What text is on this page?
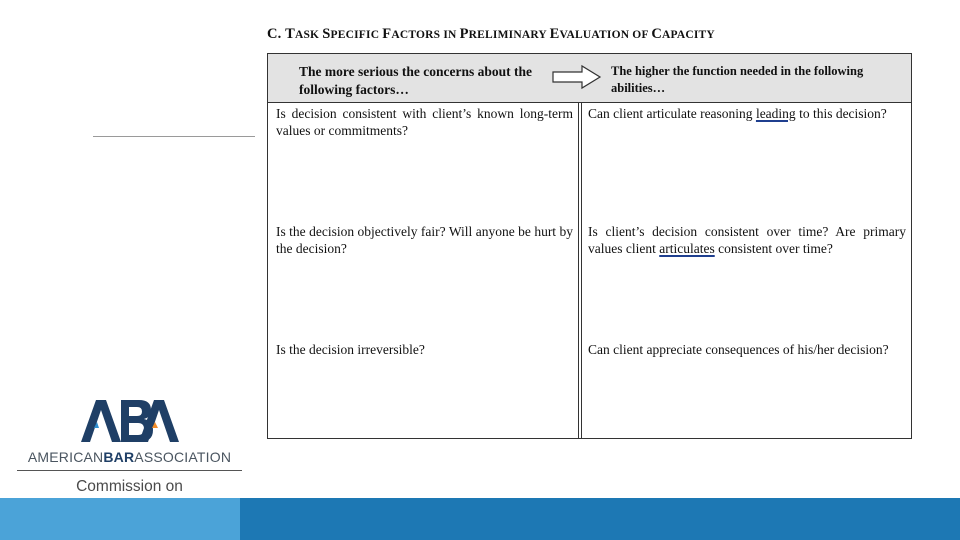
C. TASK SPECIFIC FACTORS IN PRELIMINARY EVALUATION OF CAPACITY
The more serious the concerns about the following factors…
The higher the function needed in the following abilities…
Is decision consistent with client’s known long-term values or commitments?
Can client articulate reasoning leading to this decision?
Is the decision objectively fair? Will anyone be hurt by the decision?
Is client’s decision consistent over time? Are primary values client articulates consistent over time?
Is the decision irreversible?	Can client appreciate consequences of his/her decision?
AMERICANBARASSOCIATION
Commission on
